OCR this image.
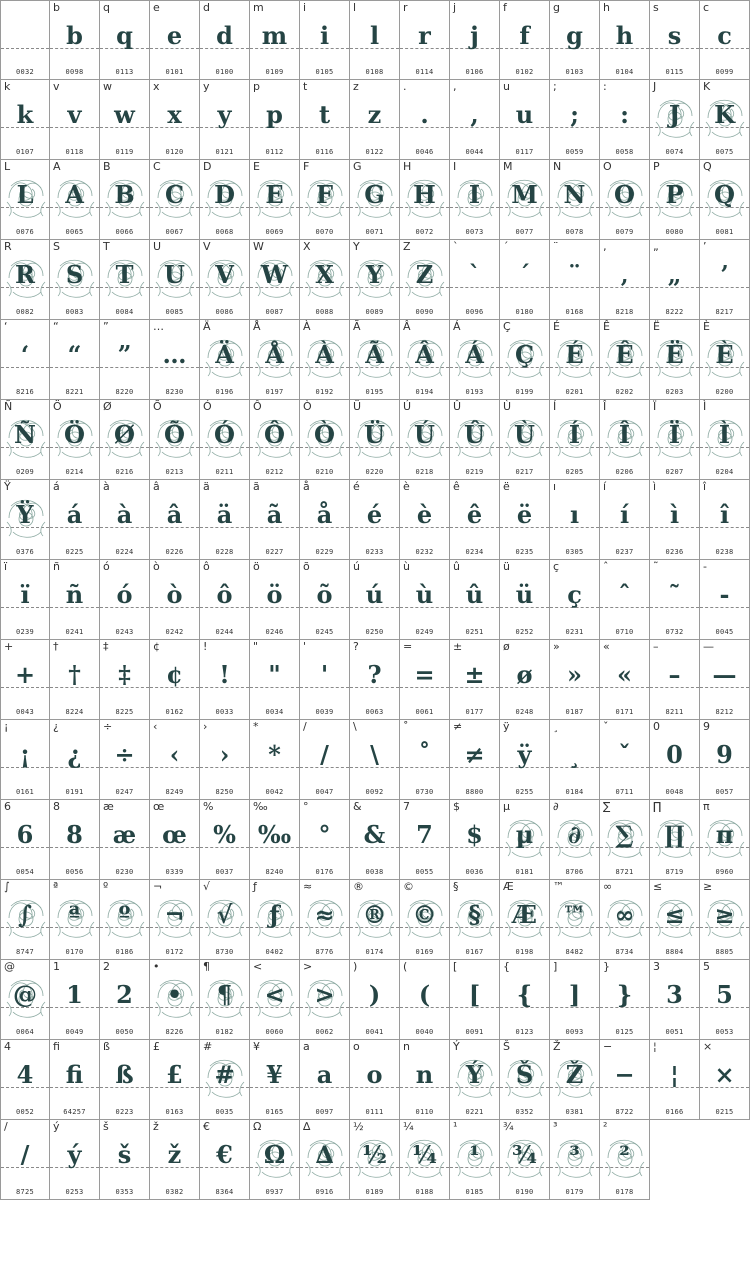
0032
b
b
0098
q
q
0113
e
e
0101
d
d
0100
m
m
0109
i
i
0105
l
l
0108
r
r
0114
j
j
0106
f
f
0102
g
g
0103
h
h
0104
s
s
0115
c
c
0099
k
k
0107
v
v
0118
w
w
0119
x
x
0120
y
y
0121
p
p
0112
t
t
0116
z
z
0122
.
.
0046
,
,
0044
u
u
0117
;
;
0059
:
:
0058
J
J
0074
K
K
0075
L
L
0076
A
A
0065
B
B
0066
C
C
0067
D
D
0068
E
E
0069
F
F
0070
G
G
0071
H
H
0072
I
I
0073
M
M
0077
N
N
0078
O
O
0079
P
P
0080
Q
Q
0081
R
R
0082
S
S
0083
T
T
0084
U
U
0085
V
V
0086
W
W
0087
X
X
0088
Y
Y
0089
Z
Z
0090
`
`
0096
´
´
0180
¨
¨
0168
‚
‚
8218
„
„
8222
’
’
8217
‘
‘
8216
“
“
8221
”
”
8220
…
…
8230
Ä
Ä
0196
Å
Å
0197
À
À
0192
Ã
Ã
0195
Â
Â
0194
Á
Á
0193
Ç
Ç
0199
É
É
0201
Ê
Ê
0202
Ë
Ë
0203
È
È
0200
Ñ
Ñ
0209
Ö
Ö
0214
Ø
Ø
0216
Õ
Õ
0213
Ó
Ó
0211
Ô
Ô
0212
Ò
Ò
0210
Ü
Ü
0220
Ú
Ú
0218
Û
Û
0219
Ù
Ù
0217
Í
Í
0205
Î
Î
0206
Ï
Ï
0207
Ì
Ì
0204
Ÿ
Ÿ
0376
á
á
0225
à
à
0224
â
â
0226
ä
ä
0228
ã
ã
0227
å
å
0229
é
é
0233
è
è
0232
ê
ê
0234
ë
ë
0235
ı
ı
0305
í
í
0237
ì
ì
0236
î
î
0238
ï
ï
0239
ñ
ñ
0241
ó
ó
0243
ò
ò
0242
ô
ô
0244
ö
ö
0246
õ
õ
0245
ú
ú
0250
ù
ù
0249
û
û
0251
ü
ü
0252
ç
ç
0231
ˆ
ˆ
0710
˜
˜
0732
-
-
0045
+
+
0043
†
†
8224
‡
‡
8225
¢
¢
0162
!
!
0033
"
"
0034
'
'
0039
?
?
0063
=
=
0061
±
±
0177
ø
ø
0248
»
»
0187
«
«
0171
–
–
8211
—
—
8212
¡
¡
0161
¿
¿
0191
÷
÷
0247
‹
‹
8249
›
›
8250
*
*
0042
/
/
0047
\
\
0092
˚
˚
0730
≠
≠
8800
ÿ
ÿ
0255
¸
¸
0184
ˇ
ˇ
0711
0
0
0048
9
9
0057
6
6
0054
8
8
0056
æ
æ
0230
œ
œ
0339
%
%
0037
‰
‰
8240
°
°
0176
&
&
0038
7
7
0055
$
$
0036
µ
µ
0181
∂
∂
8706
∑
∑
8721
∏
∏
8719
π
π
0960
∫
∫
8747
ª
ª
0170
º
º
0186
¬
¬
0172
√
√
8730
ƒ
ƒ
0402
≈
≈
8776
®
®
0174
©
©
0169
§
§
0167
Æ
Æ
0198
™
™
8482
∞
∞
8734
≤
≤
8804
≥
≥
8805
@
@
0064
1
1
0049
2
2
0050
•
•
8226
¶
¶
0182
<
<
0060
>
>
0062
)
)
0041
(
(
0040
[
[
0091
{
{
0123
]
]
0093
}
}
0125
3
3
0051
5
5
0053
4
4
0052
ﬁ
ﬁ
64257
ß
ß
0223
£
£
0163
#
#
0035
¥
¥
0165
a
a
0097
o
o
0111
n
n
0110
Ý
Ý
0221
Š
Š
0352
Ž
Ž
0381
−
−
8722
¦
¦
0166
×
×
0215
/
/
8725
ý
ý
0253
š
š
0353
ž
ž
0382
€
€
8364
Ω
Ω
0937
∆
∆
0916
½
½
0189
¼
¼
0188
¹
¹
0185
¾
¾
0190
³
³
0179
²
²
0178
